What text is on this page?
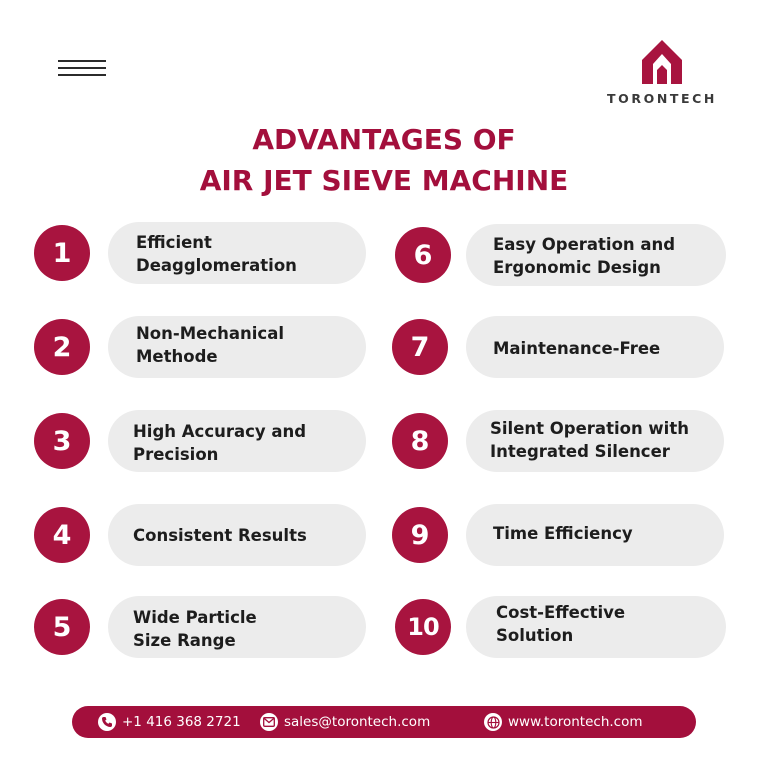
TORONTECH
ADVANTAGES OF
AIR JET SIEVE MACHINE
1	Efficient
Deagglomeration
2	Non-Mechanical
Methode
3	High Accuracy and
Precision
4	Consistent Results
5	Wide Particle
Size Range
6	Easy Operation and
Ergonomic Design
7	Maintenance-Free
8	Silent Operation with
Integrated Silencer
9	Time Efficiency
10
Cost-Effective
Solution
+1 416 368 2721	sales@torontech.com	www.torontech.com
